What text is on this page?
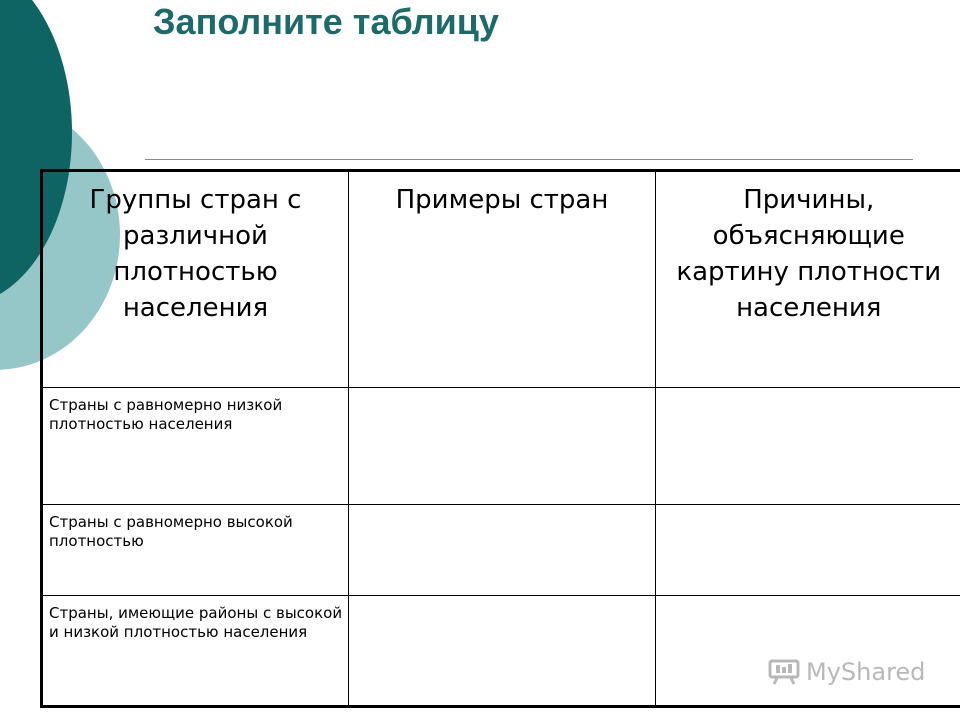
Заполните таблицу
Группы стран с различной плотностью населения	Примеры стран	Причины, объясняющие картину плотности населения
Страны с равномерно низкой плотностью населения		
Страны с равномерно высокой плотностью		
Страны, имеющие районы с высокой и низкой плотностью населения		
MyShared
